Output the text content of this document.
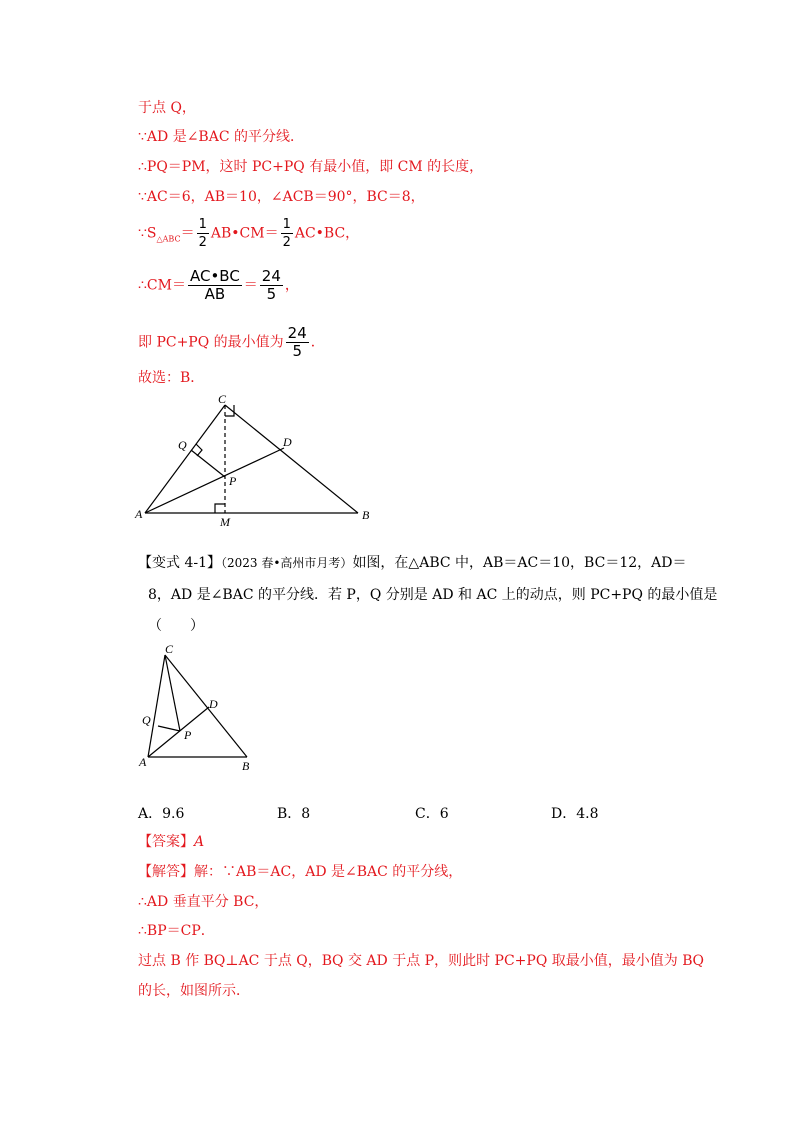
于点 Q，
∵AD 是∠BAC 的平分线．
∴PQ＝PM，这时 PC+PQ 有最小值，即 CM 的长度，
∵AC＝6，AB＝10，∠ACB＝90°，BC＝8，
$\because S_{\triangle ABC}= \frac{1}{2}$ AB•CM＝ $\frac{1}{2}$ AC•BC，
∴CM＝ $\frac{AC•BC}{AB} = \frac{24}{5}$ ，
即 PC+PQ 的最小值为 $\frac{24}{5}$ ．
故选：B．
C
Q	D
P
A
M	B
【变式 4-1】（2023 春•高州市月考）如图，在△ABC 中，AB＝AC＝10，BC＝12，AD＝
8，AD 是∠BAC 的平分线．若 P，Q 分别是 AD 和 AC 上的动点，则 PC+PQ 的最小值是
（　　）
C
D
Q
P
A	B
A．9.6	B．8	C．6	D．4.8
【答案】A
【解答】解：∵AB＝AC，AD 是∠BAC 的平分线，
∴AD 垂直平分 BC，
∴BP＝CP．
过点 B 作 BQ⊥AC 于点 Q，BQ 交 AD 于点 P，则此时 PC+PQ 取最小值，最小值为 BQ
的长，如图所示．
